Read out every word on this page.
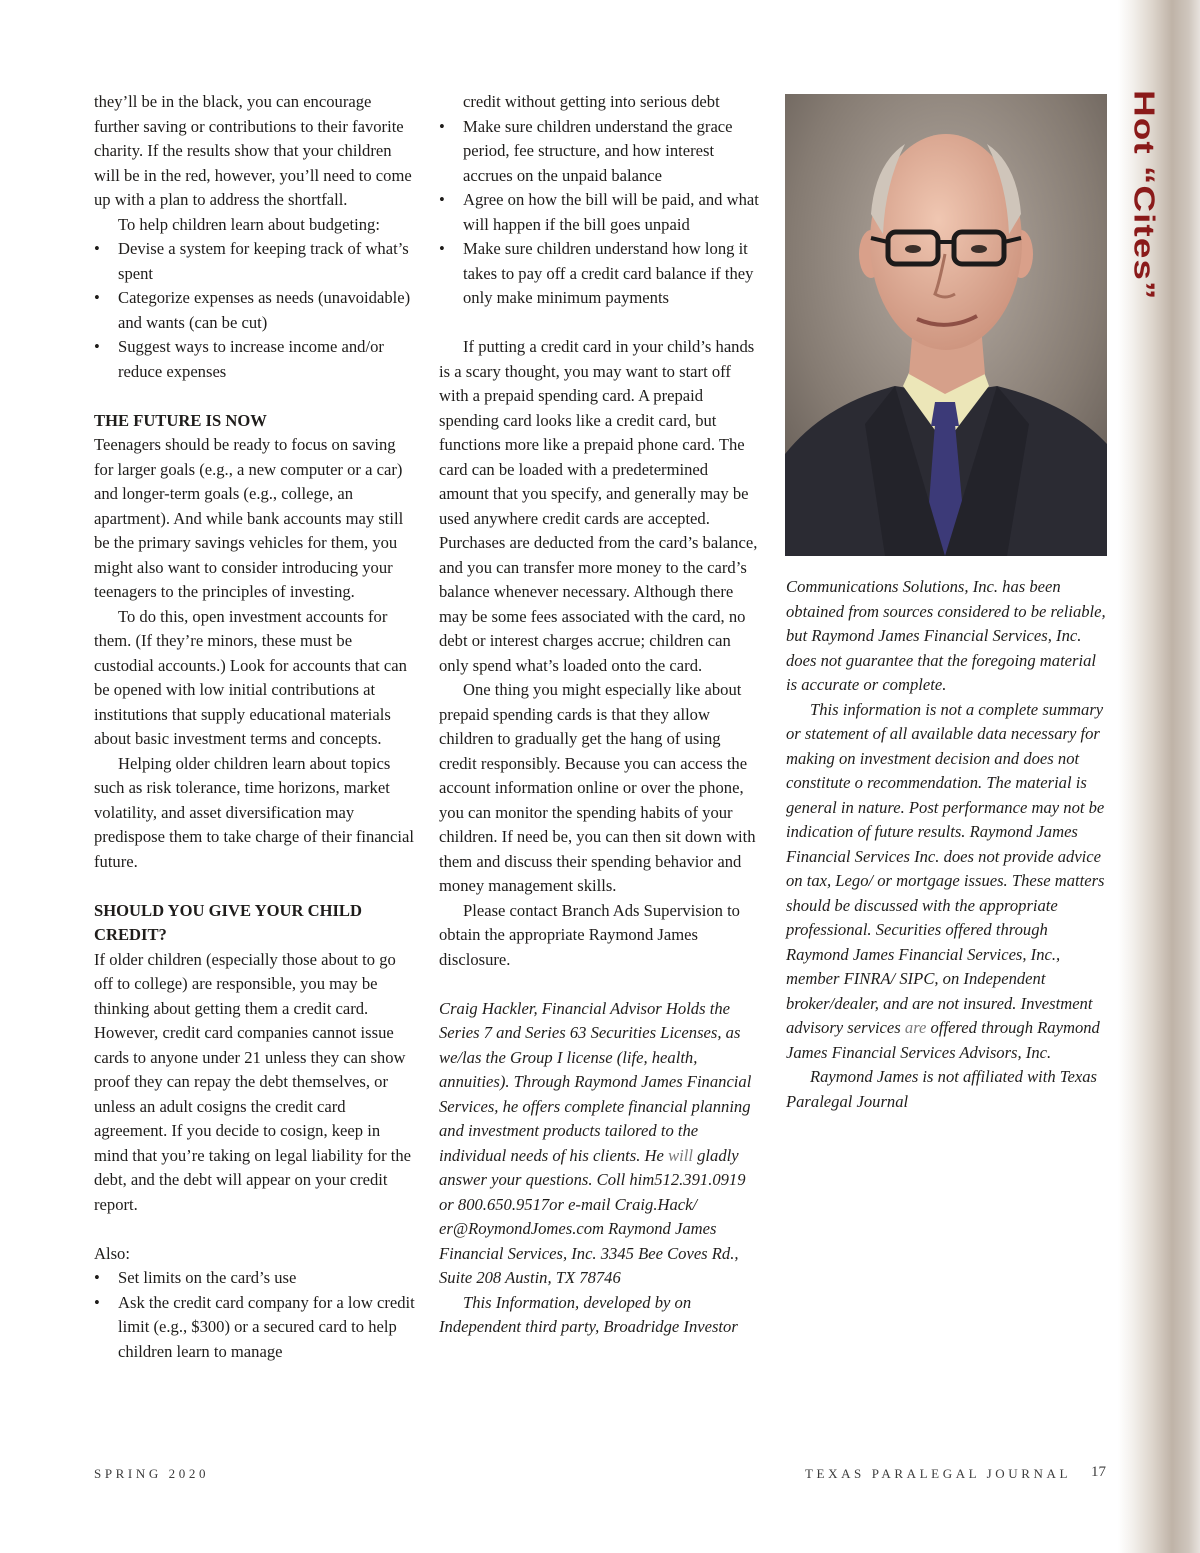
Hot “Cites”

they’ll be in the black, you can encourage further saving or contributions to their favorite charity. If the results show that your children will be in the red, however, you’ll need to come up with a plan to address the shortfall.

To help children learn about budgeting:

• Devise a system for keeping track of what’s spent
• Categorize expenses as needs (unavoidable) and wants (can be cut)
• Suggest ways to increase income and/or reduce expenses

THE FUTURE IS NOW

Teenagers should be ready to focus on saving for larger goals (e.g., a new computer or a car) and longer-term goals (e.g., college, an apartment). And while bank accounts may still be the primary savings vehicles for them, you might also want to consider introducing your teenagers to the principles of investing.

To do this, open investment accounts for them. (If they’re minors, these must be custodial accounts.) Look for accounts that can be opened with low initial contributions at institutions that supply educational materials about basic investment terms and concepts.

Helping older children learn about topics such as risk tolerance, time horizons, market volatility, and asset diversification may predispose them to take charge of their financial future.

SHOULD YOU GIVE YOUR CHILD CREDIT?

If older children (especially those about to go off to college) are responsible, you may be thinking about getting them a credit card. However, credit card companies cannot issue cards to anyone under 21 unless they can show proof they can repay the debt themselves, or unless an adult cosigns the credit card agreement. If you decide to cosign, keep in mind that you’re taking on legal liability for the debt, and the debt will appear on your credit report.

Also:

• Set limits on the card’s use
• Ask the credit card company for a low credit limit (e.g., $300) or a secured card to help children learn to manage

credit without getting into serious debt

• Make sure children understand the grace period, fee structure, and how interest accrues on the unpaid balance
• Agree on how the bill will be paid, and what will happen if the bill goes unpaid
• Make sure children understand how long it takes to pay off a credit card balance if they only make minimum payments

If putting a credit card in your child’s hands is a scary thought, you may want to start off with a prepaid spending card. A prepaid spending card looks like a credit card, but functions more like a prepaid phone card. The card can be loaded with a predetermined amount that you specify, and generally may be used anywhere credit cards are accepted. Purchases are deducted from the card’s balance, and you can transfer more money to the card’s balance whenever necessary. Although there may be some fees associated with the card, no debt or interest charges accrue; children can only spend what’s loaded onto the card.

One thing you might especially like about prepaid spending cards is that they allow children to gradually get the hang of using credit responsibly. Because you can access the account information online or over the phone, you can monitor the spending habits of your children. If need be, you can then sit down with them and discuss their spending behavior and money management skills.

Please contact Branch Ads Supervision to obtain the appropriate Raymond James disclosure.

Craig Hackler, Financial Advisor Holds the Series 7 and Series 63 Securities Licenses, as we/las the Group I license (life, health, annuities). Through Raymond James Financial Services, he offers complete financial planning and investment products tailored to the individual needs of his clients. He will gladly answer your questions. Coll him512.391.0919 or 800.650.9517or e-mail Craig.Hack/ er@RoymondJomes.com Raymond James Financial Services, Inc. 3345 Bee Coves Rd., Suite 208 Austin, TX 78746

This Information, developed by on Independent third party, Broadridge Investor

Communications Solutions, Inc. has been obtained from sources considered to be reliable, but Raymond James Financial Services, Inc. does not guarantee that the foregoing material is accurate or complete.

This information is not a complete summary or statement of all available data necessary for making on investment decision and does not constitute o recommendation. The material is general in nature. Post performance may not be indication of future results. Raymond James Financial Services Inc. does not provide advice on tax, Lego/ or mortgage issues. These matters should be discussed with the appropriate professional. Securities offered through Raymond James Financial Services, Inc., member FINRA/ SIPC, on Independent broker/dealer, and are not insured. Investment advisory services are offered through Raymond James Financial Services Advisors, Inc.

Raymond James is not affiliated with Texas Paralegal Journal

SPRING 2020	TEXAS PARALEGAL JOURNAL 17
